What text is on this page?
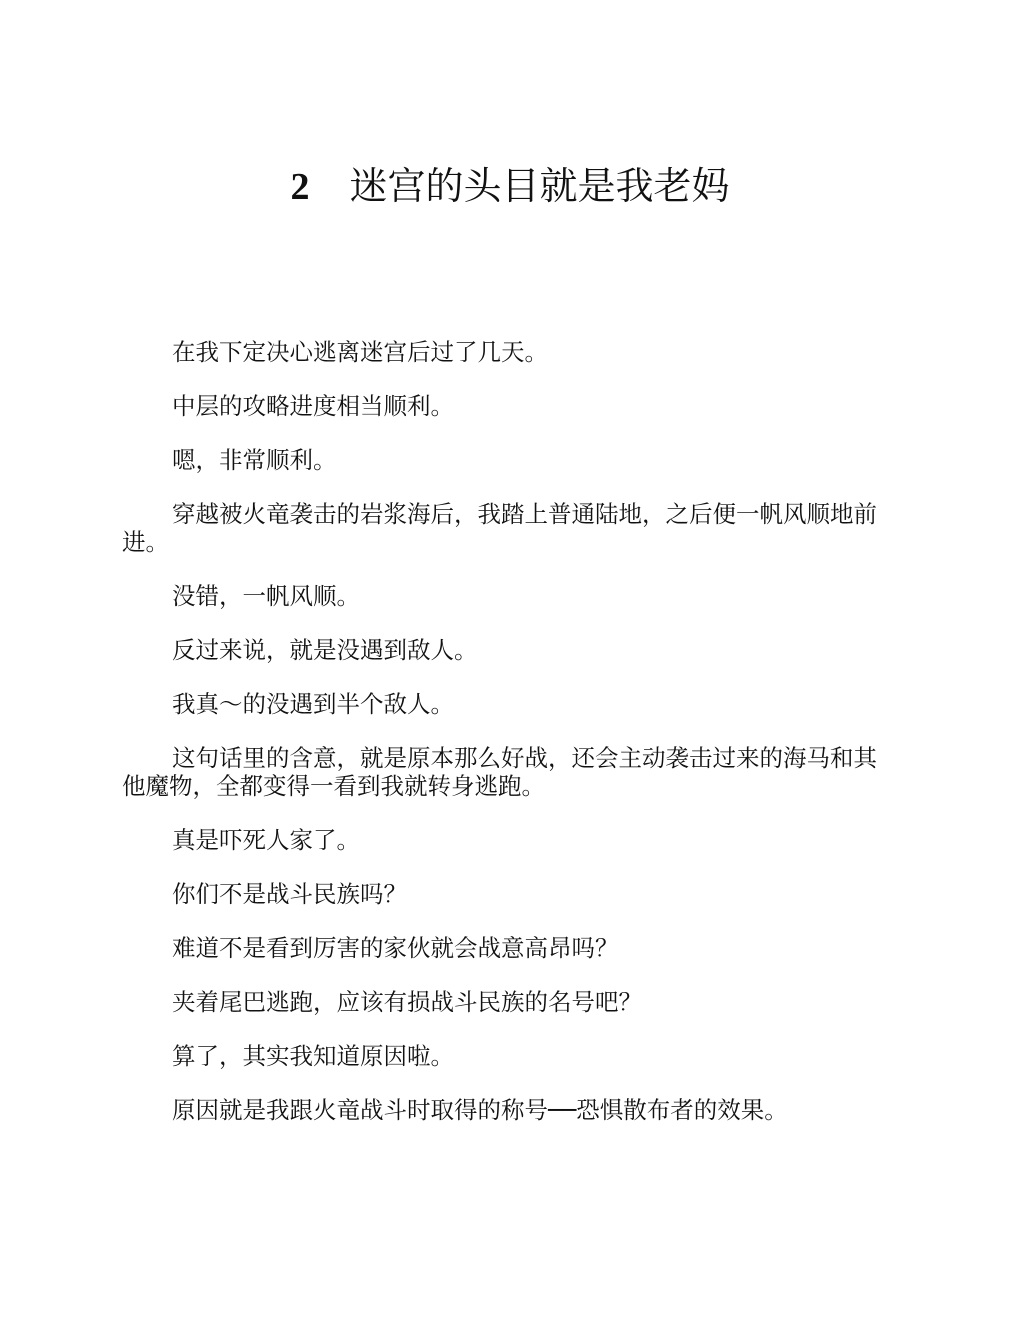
2 迷宫的头目就是我老妈

在我下定决心逃离迷宫后过了几天。

中层的攻略进度相当顺利。

嗯，非常顺利。

穿越被火竜袭击的岩浆海后，我踏上普通陆地，之后便一帆风顺地前进。

没错，一帆风顺。

反过来说，就是没遇到敌人。

我真～的没遇到半个敌人。

这句话里的含意，就是原本那么好战，还会主动袭击过来的海马和其他魔物，全都变得一看到我就转身逃跑。

真是吓死人家了。

你们不是战斗民族吗？

难道不是看到厉害的家伙就会战意高昂吗？

夹着尾巴逃跑，应该有损战斗民族的名号吧？

算了，其实我知道原因啦。

原因就是我跟火竜战斗时取得的称号──恐惧散布者的效果。
